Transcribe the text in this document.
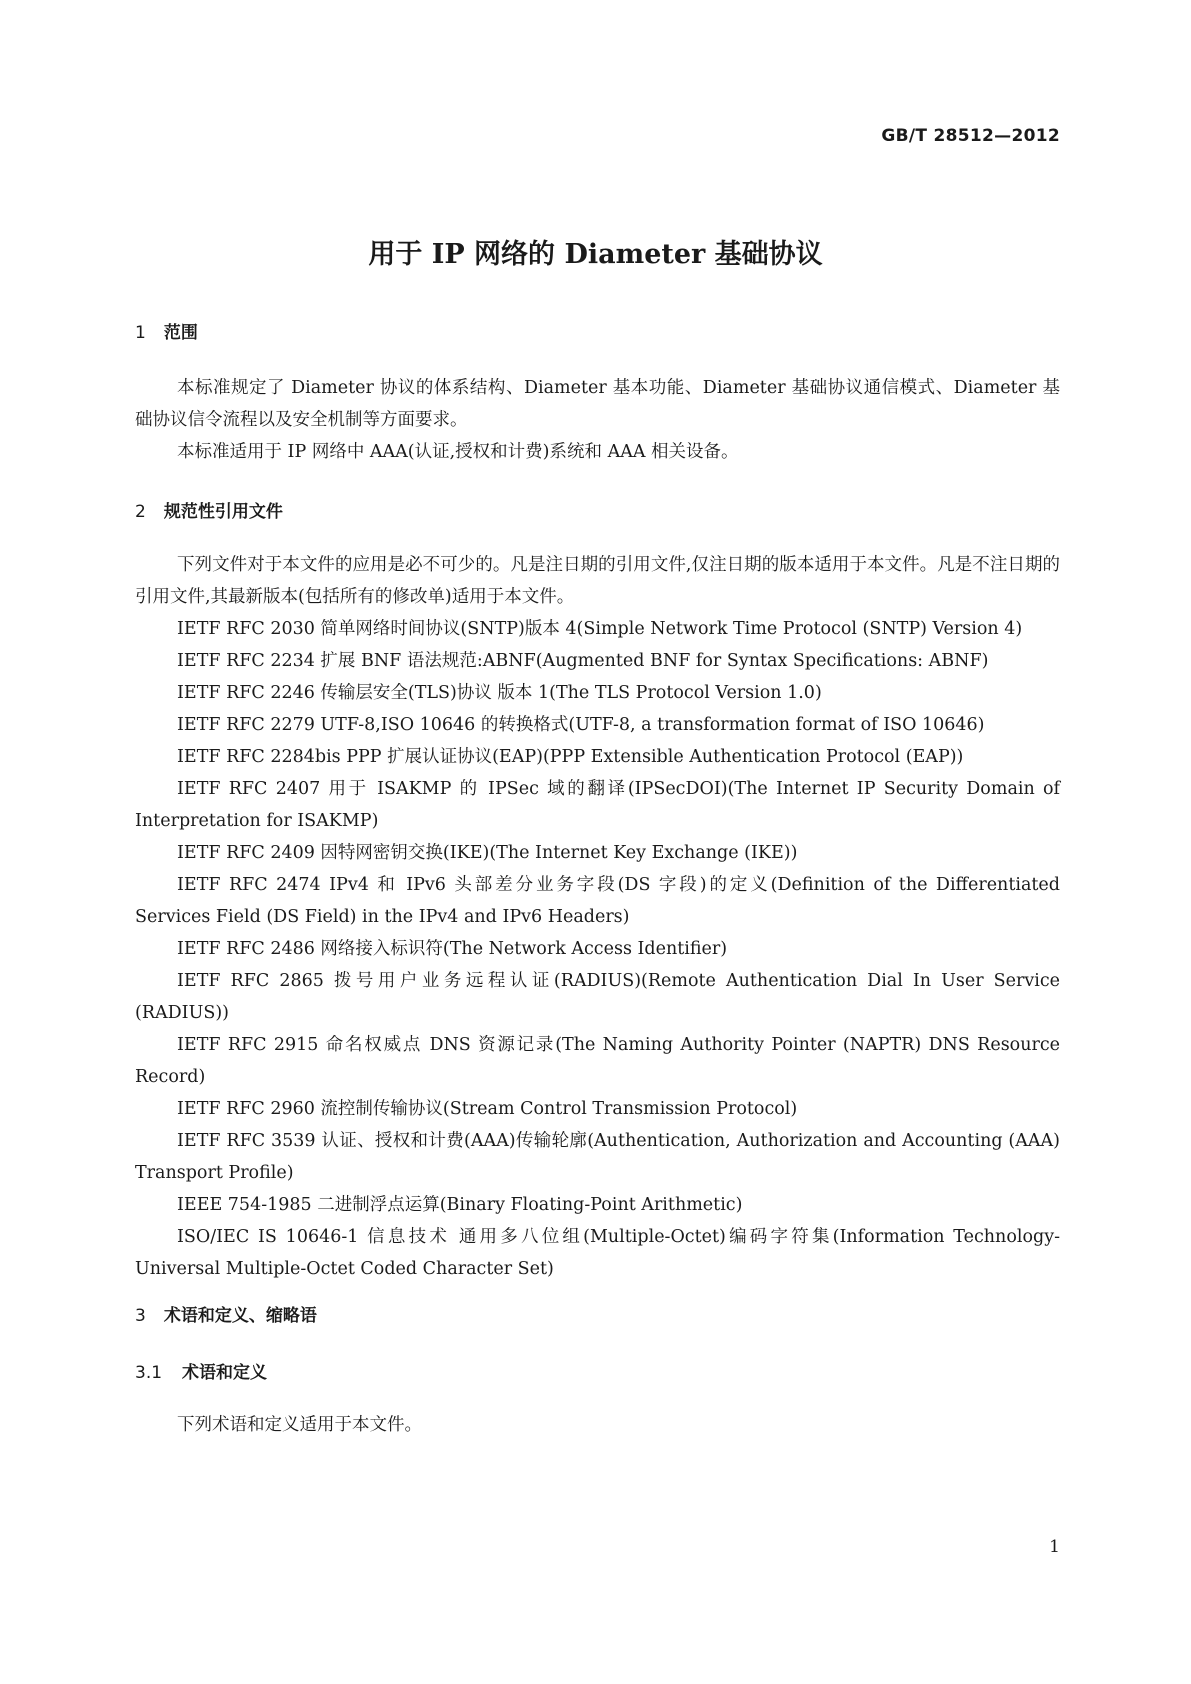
GB/T 28512—2012
用于 IP 网络的 Diameter 基础协议
1 范围

本标准规定了 Diameter 协议的体系结构、Diameter 基本功能、Diameter 基础协议通信模式、Diameter 基础协议信令流程以及安全机制等方面要求。

本标准适用于 IP 网络中 AAA(认证,授权和计费)系统和 AAA 相关设备。

2 规范性引用文件

下列文件对于本文件的应用是必不可少的。凡是注日期的引用文件,仅注日期的版本适用于本文件。凡是不注日期的引用文件,其最新版本(包括所有的修改单)适用于本文件。

IETF RFC 2030 简单网络时间协议(SNTP)版本 4(Simple Network Time Protocol (SNTP) Version 4)

IETF RFC 2234 扩展 BNF 语法规范:ABNF(Augmented BNF for Syntax Specifications: ABNF)

IETF RFC 2246 传输层安全(TLS)协议 版本 1(The TLS Protocol Version 1.0)

IETF RFC 2279 UTF-8,ISO 10646 的转换格式(UTF-8, a transformation format of ISO 10646)

IETF RFC 2284bis PPP 扩展认证协议(EAP)(PPP Extensible Authentication Protocol (EAP))

IETF RFC 2407 用于 ISAKMP 的 IPSec 域的翻译(IPSecDOI)(The Internet IP Security Domain of Interpretation for ISAKMP)

IETF RFC 2409 因特网密钥交换(IKE)(The Internet Key Exchange (IKE))

IETF RFC 2474 IPv4 和 IPv6 头部差分业务字段(DS 字段)的定义(Definition of the Differentiated Services Field (DS Field) in the IPv4 and IPv6 Headers)

IETF RFC 2486 网络接入标识符(The Network Access Identifier)

IETF RFC 2865 拨号用户业务远程认证(RADIUS)(Remote Authentication Dial In User Service (RADIUS))

IETF RFC 2915 命名权威点 DNS 资源记录(The Naming Authority Pointer (NAPTR) DNS Resource Record)

IETF RFC 2960 流控制传输协议(Stream Control Transmission Protocol)

IETF RFC 3539 认证、授权和计费(AAA)传输轮廓(Authentication, Authorization and Accounting (AAA) Transport Profile)

IEEE 754-1985 二进制浮点运算(Binary Floating-Point Arithmetic)

ISO/IEC IS 10646-1 信息技术 通用多八位组(Multiple-Octet)编码字符集(Information Technology-Universal Multiple-Octet Coded Character Set)

3 术语和定义、缩略语
3.1 术语和定义

下列术语和定义适用于本文件。

1
